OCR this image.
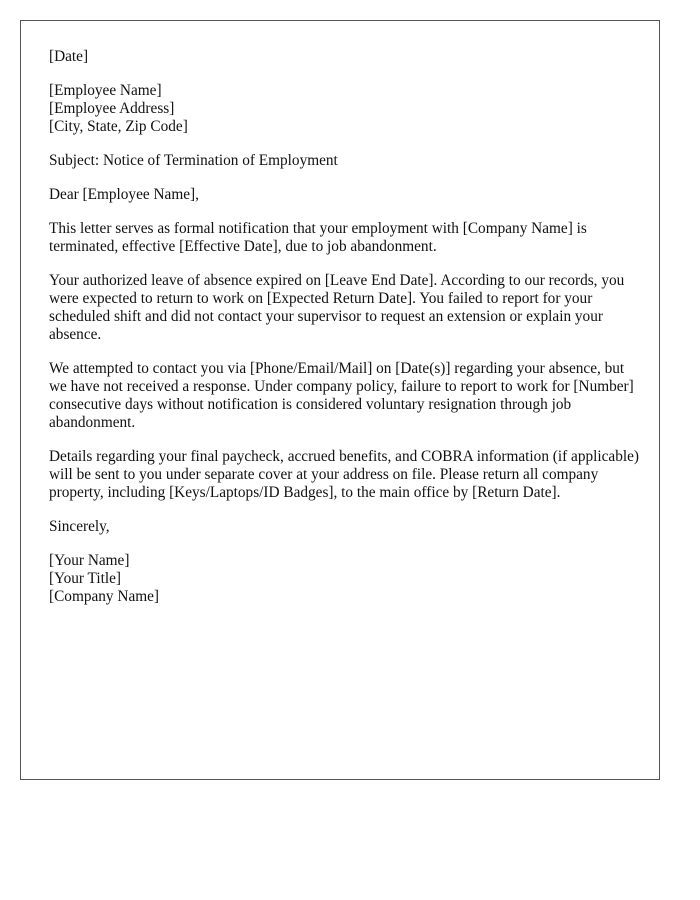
[Date]

[Employee Name]
[Employee Address]
[City, State, Zip Code]

Subject: Notice of Termination of Employment

Dear [Employee Name],

This letter serves as formal notification that your employment with [Company Name] is terminated, effective [Effective Date], due to job abandonment.

Your authorized leave of absence expired on [Leave End Date]. According to our records, you were expected to return to work on [Expected Return Date]. You failed to report for your scheduled shift and did not contact your supervisor to request an extension or explain your absence.

We attempted to contact you via [Phone/Email/Mail] on [Date(s)] regarding your absence, but we have not received a response. Under company policy, failure to report to work for [Number] consecutive days without notification is considered voluntary resignation through job abandonment.

Details regarding your final paycheck, accrued benefits, and COBRA information (if applicable) will be sent to you under separate cover at your address on file. Please return all company property, including [Keys/Laptops/ID Badges], to the main office by [Return Date].

Sincerely,

[Your Name]
[Your Title]
[Company Name]
